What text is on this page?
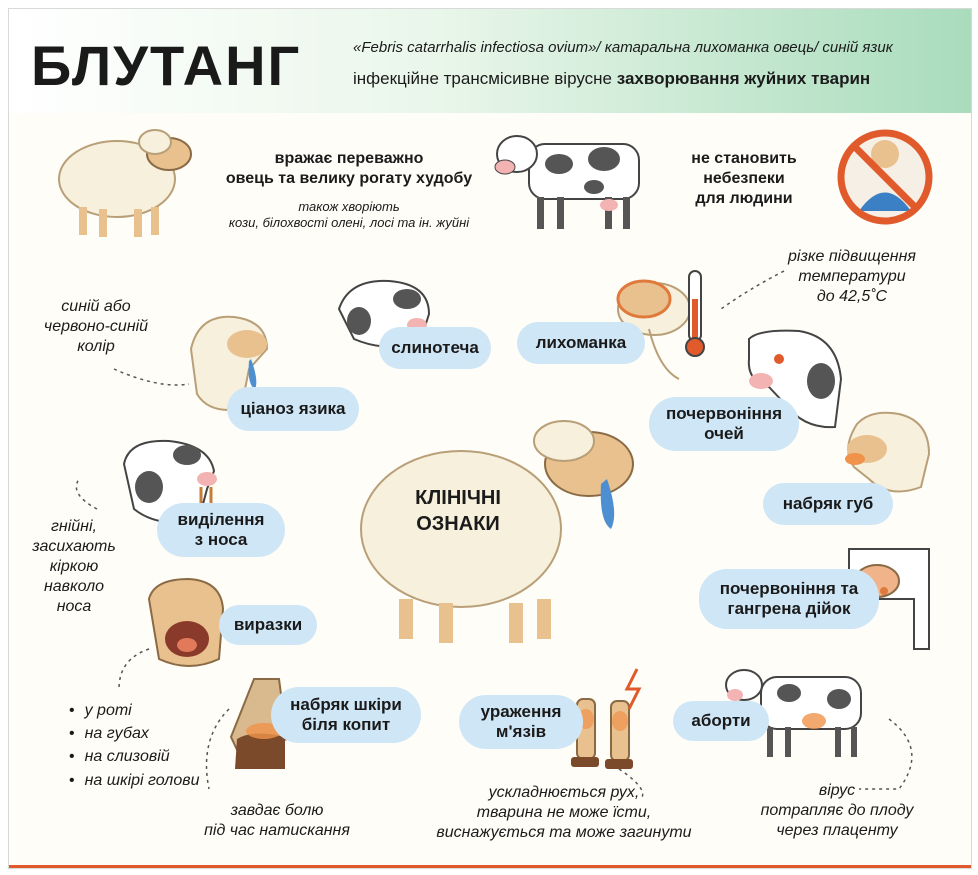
БЛУТАНГ	«Febris catarrhalis infectiosa ovium»/ катаральна лихоманка овець/ синій язик
інфекційне трансмісивне вірусне захворювання жуйних тварин
вражає переважно
овець та велику рогату худобу
також хворіють
кози, білохвості олені, лосі та ін. жуйні
не становить
небезпеки
для людини
КЛІНІЧНІ
ОЗНАКИ
слинотеча	лихоманка
ціаноз язика	почервоніння
очей
виділення
з носа
набряк губ
виразки
почервоніння та
гангрена дійок
набряк шкіри
біля копит
ураження
м'язів
аборти
синій або
червоно-синій
колір
різке підвищення
температури
до 42,5˚С
гнійні,
засихають
кіркою
навколо
носа
• у роті
• на губах
• на слизовій
• на шкірі голови
завдає болю
під час натискання
ускладнюється рух,
тварина не може їсти,
виснажується та може загинути
вірус
потрапляє до плоду
через плаценту
